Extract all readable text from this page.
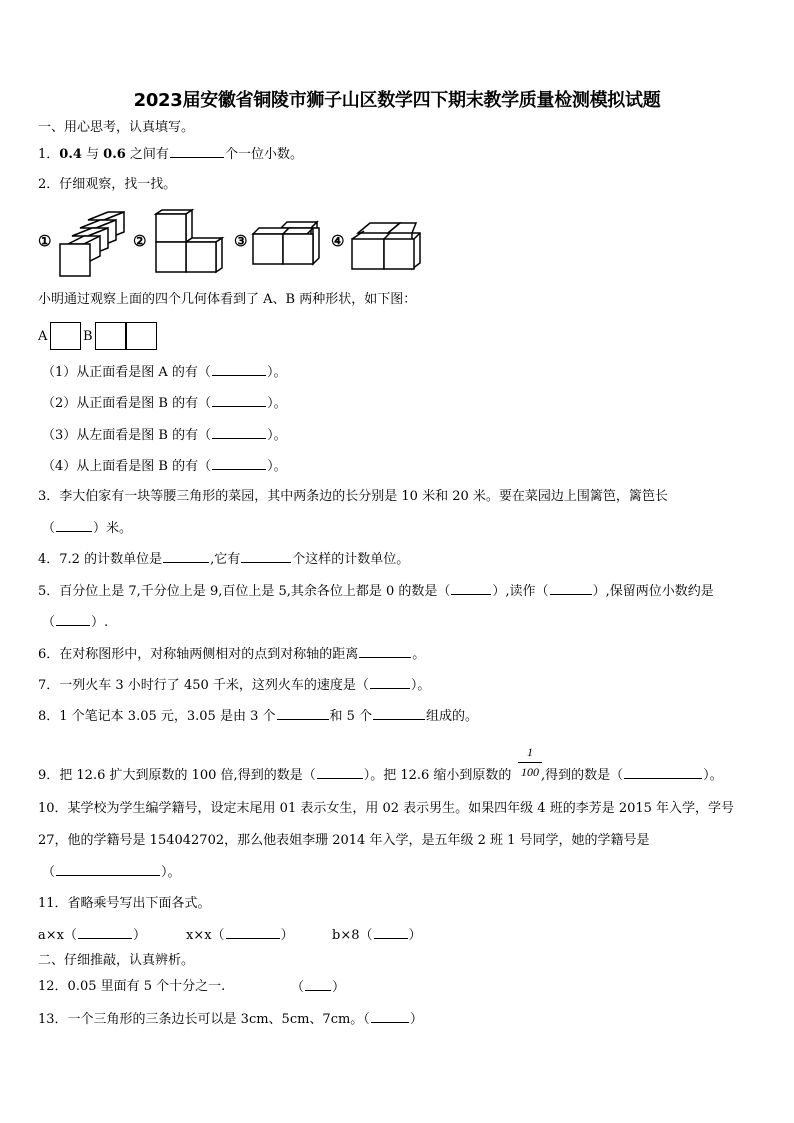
2023届安徽省铜陵市狮子山区数学四下期末教学质量检测模拟试题
一、用心思考，认真填写。
1．0.4 与 0.6 之间有	个一位小数。
2．仔细观察，找一找。
①	②	③	④
小明通过观察上面的四个几何体看到了 A、B 两种形状，如下图：
A	B
（1）从正面看是图 A 的有（	）。
（2）从正面看是图 B 的有（	）。
（3）从左面看是图 B 的有（	）。
（4）从上面看是图 B 的有（	）。
3．李大伯家有一块等腰三角形的菜园，其中两条边的长分别是 10 米和 20 米。要在菜园边上围篱笆，篱笆长
（	）米。
4．7.2 的计数单位是	,它有	个这样的计数单位。
5．百分位上是 7,千分位上是 9,百位上是 5,其余各位上都是 0 的数是（	）,读作（	）,保留两位小数约是
（	）.
6．在对称图形中，对称轴两侧相对的点到对称轴的距离	。
7．一列火车 3 小时行了 450 千米，这列火车的速度是（	）。
8．1 个笔记本 3.05 元，3.05 是由 3 个	和 5 个	组成的。
1
100
9．把 12.6 扩大到原数的 100 倍,得到的数是（	）。把 12.6 缩小到原数的 ,得到的数是（	）。
10．某学校为学生编学籍号，设定末尾用 01 表示女生，用 02 表示男生。如果四年级 4 班的李芳是 2015 年入学，学号
27，他的学籍号是 154042702，那么他表姐李珊 2014 年入学，是五年级 2 班 1 号同学，她的学籍号是
（	）。
11．省略乘号写出下面各式。
a×x（	）	x×x（	）	b×8（	）
二、仔细推敲，认真辨析。
12．0.05 里面有 5 个十分之一.	（ ）
13．一个三角形的三条边长可以是 3cm、5cm、7cm。（	）
